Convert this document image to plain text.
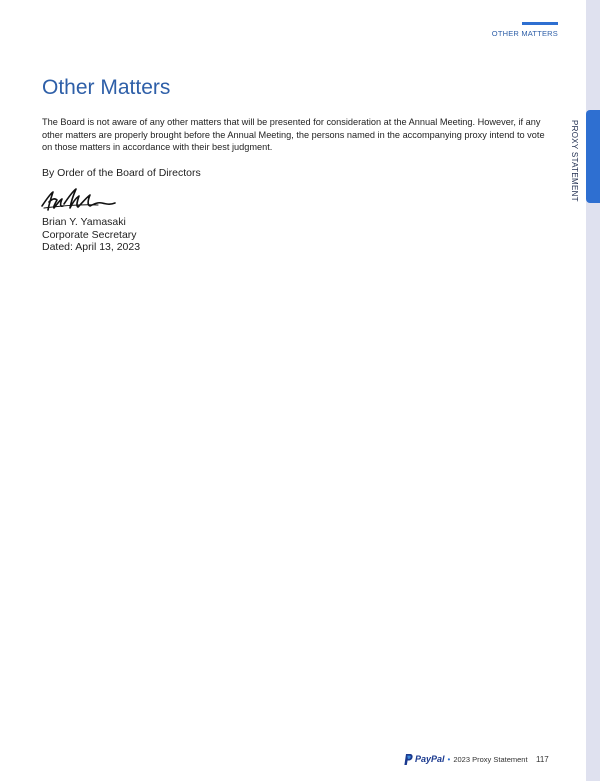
PROXY STATEMENT
OTHER MATTERS
Other Matters

The Board is not aware of any other matters that will be presented for consideration at the Annual Meeting. However, if any other matters are properly brought before the Annual Meeting, the persons named in the accompanying proxy intend to vote on those matters in accordance with their best judgment.

By Order of the Board of Directors

Brian Y. Yamasaki
Corporate Secretary
Dated: April 13, 2023
PayPal • 2023 Proxy Statement 117
